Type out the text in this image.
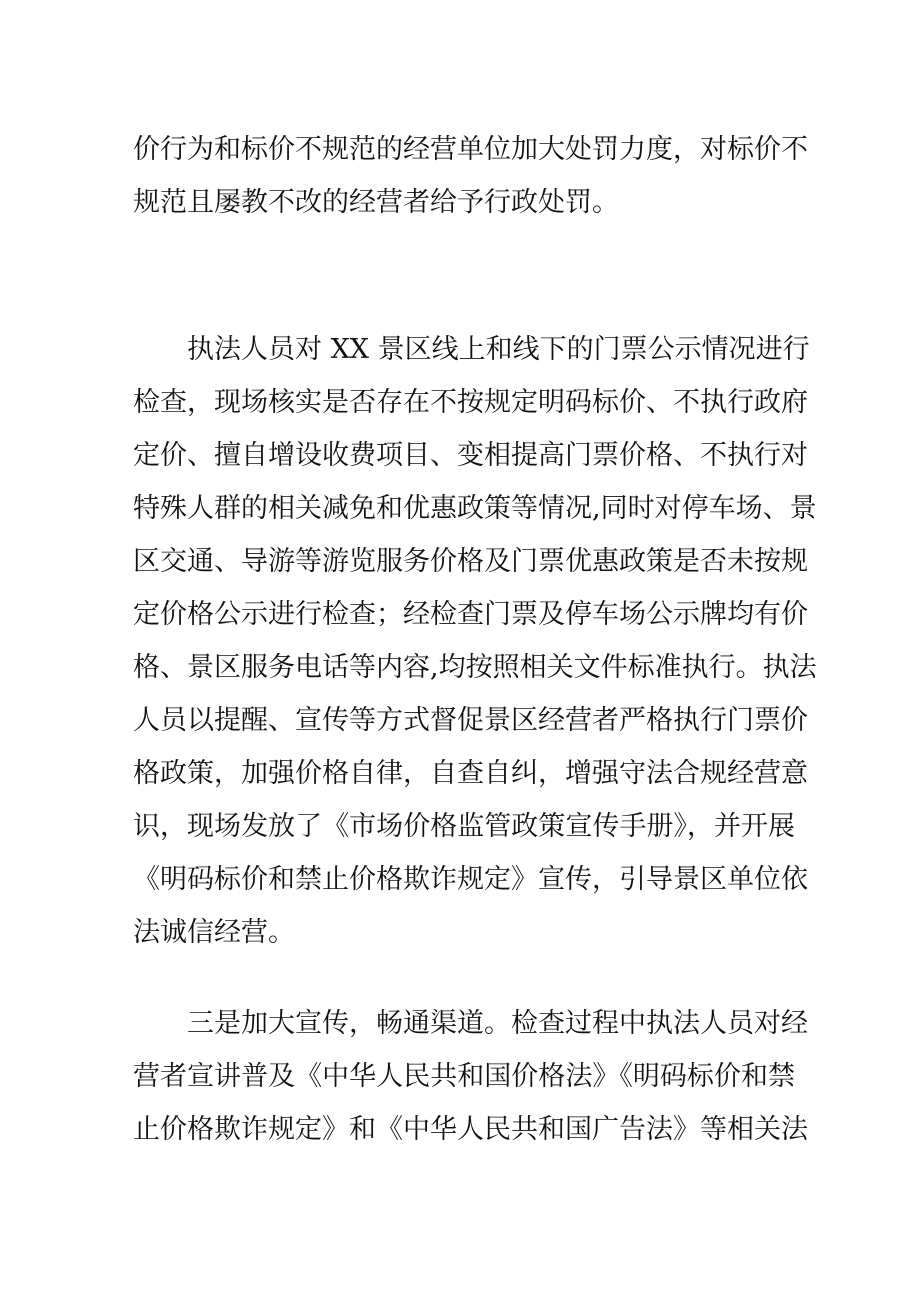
价行为和标价不规范的经营单位加大处罚力度，对标价不
规范且屡教不改的经营者给予行政处罚。
执法人员对 XX 景区线上和线下的门票公示情况进行
检查，现场核实是否存在不按规定明码标价、不执行政府
定价、擅自增设收费项目、变相提高门票价格、不执行对
特殊人群的相关减免和优惠政策等情况,同时对停车场、景
区交通、导游等游览服务价格及门票优惠政策是否未按规
定价格公示进行检查；经检查门票及停车场公示牌均有价
格、景区服务电话等内容,均按照相关文件标准执行。执法
人员以提醒、宣传等方式督促景区经营者严格执行门票价
格政策，加强价格自律，自查自纠，增强守法合规经营意
识，现场发放了《市场价格监管政策宣传手册》，并开展
《明码标价和禁止价格欺诈规定》宣传，引导景区单位依
法诚信经营。
三是加大宣传，畅通渠道。检查过程中执法人员对经
营者宣讲普及《中华人民共和国价格法》《明码标价和禁
止价格欺诈规定》和《中华人民共和国广告法》等相关法
